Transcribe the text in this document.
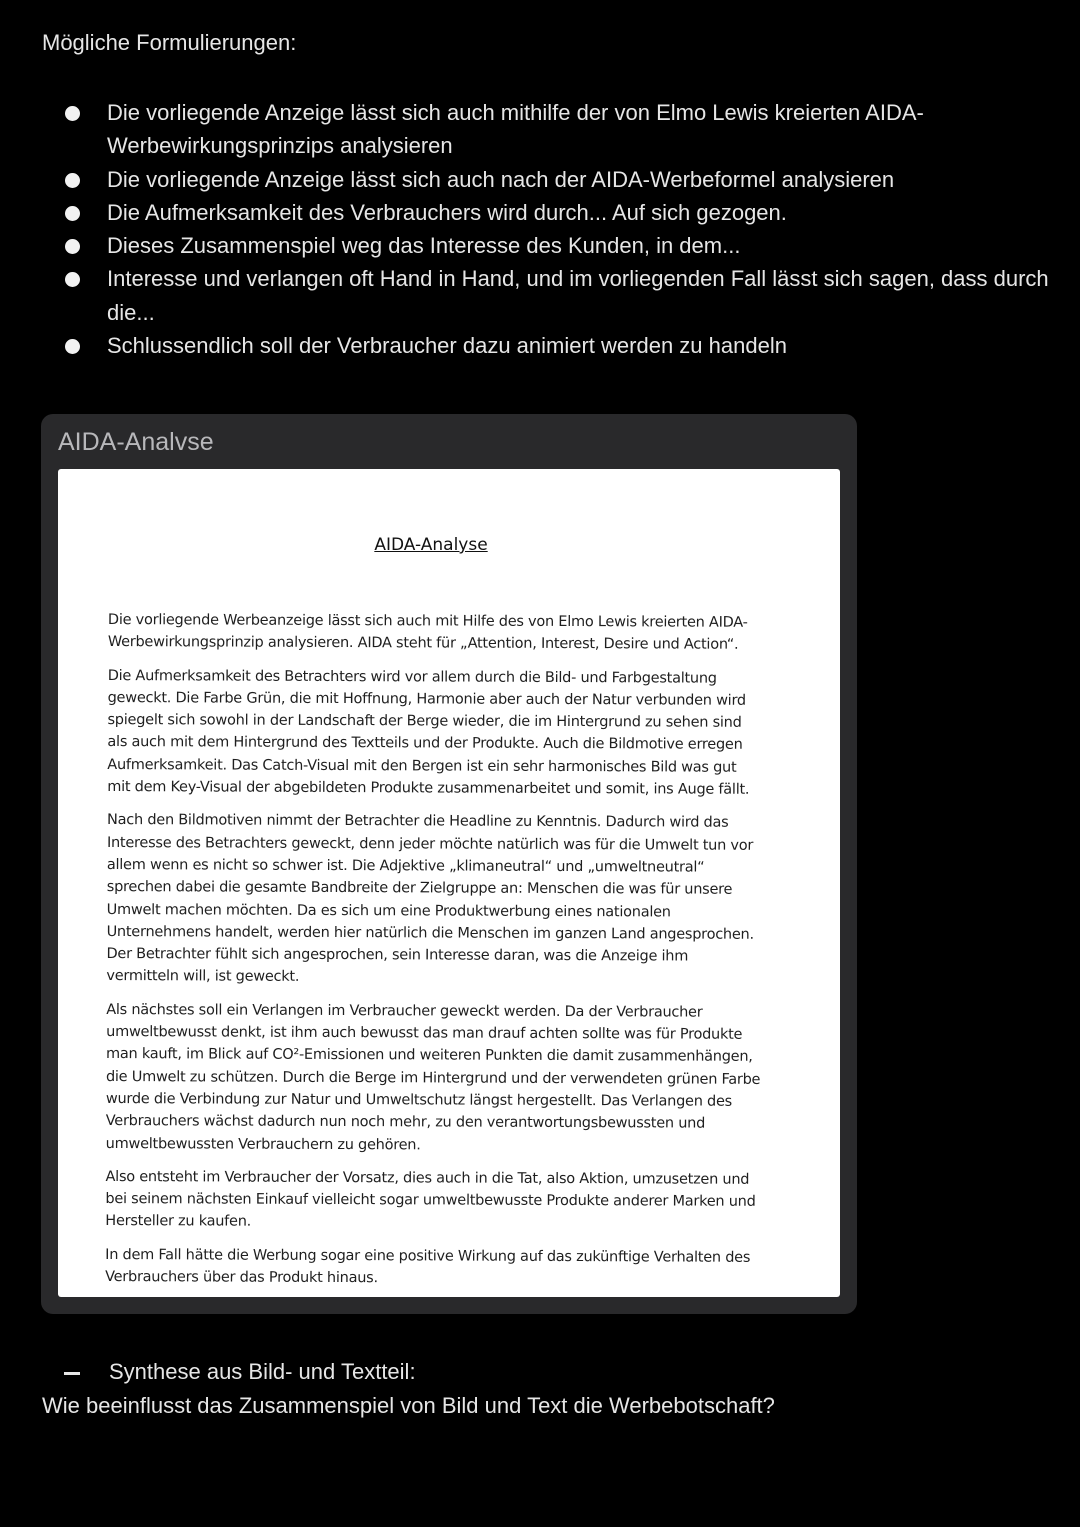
Mögliche Formulierungen:
Die vorliegende Anzeige lässt sich auch mithilfe der von Elmo Lewis kreierten AIDA-Werbewirkungsprinzips analysieren
Die vorliegende Anzeige lässt sich auch nach der AIDA-Werbeformel analysieren
Die Aufmerksamkeit des Verbrauchers wird durch... Auf sich gezogen.
Dieses Zusammenspiel weg das Interesse des Kunden, in dem...
Interesse und verlangen oft Hand in Hand, und im vorliegenden Fall lässt sich sagen, dass durch die...
Schlussendlich soll der Verbraucher dazu animiert werden zu handeln
AIDA-Analvse
AIDA-Analyse

Die vorliegende Werbeanzeige lässt sich auch mit Hilfe des von Elmo Lewis kreierten AIDA-Werbewirkungsprinzip analysieren. AIDA steht für „Attention, Interest, Desire und Action“.

Die Aufmerksamkeit des Betrachters wird vor allem durch die Bild- und Farbgestaltung geweckt. Die Farbe Grün, die mit Hoffnung, Harmonie aber auch der Natur verbunden wird spiegelt sich sowohl in der Landschaft der Berge wieder, die im Hintergrund zu sehen sind als auch mit dem Hintergrund des Textteils und der Produkte. Auch die Bildmotive erregen Aufmerksamkeit. Das Catch-Visual mit den Bergen ist ein sehr harmonisches Bild was gut mit dem Key-Visual der abgebildeten Produkte zusammenarbeitet und somit, ins Auge fällt.

Nach den Bildmotiven nimmt der Betrachter die Headline zu Kenntnis. Dadurch wird das Interesse des Betrachters geweckt, denn jeder möchte natürlich was für die Umwelt tun vor allem wenn es nicht so schwer ist. Die Adjektive „klimaneutral“ und „umweltneutral“ sprechen dabei die gesamte Bandbreite der Zielgruppe an: Menschen die was für unsere Umwelt machen möchten. Da es sich um eine Produktwerbung eines nationalen Unternehmens handelt, werden hier natürlich die Menschen im ganzen Land angesprochen. Der Betrachter fühlt sich angesprochen, sein Interesse daran, was die Anzeige ihm vermitteln will, ist geweckt.

Als nächstes soll ein Verlangen im Verbraucher geweckt werden. Da der Verbraucher umweltbewusst denkt, ist ihm auch bewusst das man drauf achten sollte was für Produkte man kauft, im Blick auf CO²-Emissionen und weiteren Punkten die damit zusammenhängen, die Umwelt zu schützen. Durch die Berge im Hintergrund und der verwendeten grünen Farbe wurde die Verbindung zur Natur und Umweltschutz längst hergestellt. Das Verlangen des Verbrauchers wächst dadurch nun noch mehr, zu den verantwortungsbewussten und umweltbewussten Verbrauchern zu gehören.

Also entsteht im Verbraucher der Vorsatz, dies auch in die Tat, also Aktion, umzusetzen und bei seinem nächsten Einkauf vielleicht sogar umweltbewusste Produkte anderer Marken und Hersteller zu kaufen.

In dem Fall hätte die Werbung sogar eine positive Wirkung auf das zukünftige Verhalten des Verbrauchers über das Produkt hinaus.

Synthese aus Bild- und Textteil:
Wie beeinflusst das Zusammenspiel von Bild und Text die Werbebotschaft?
